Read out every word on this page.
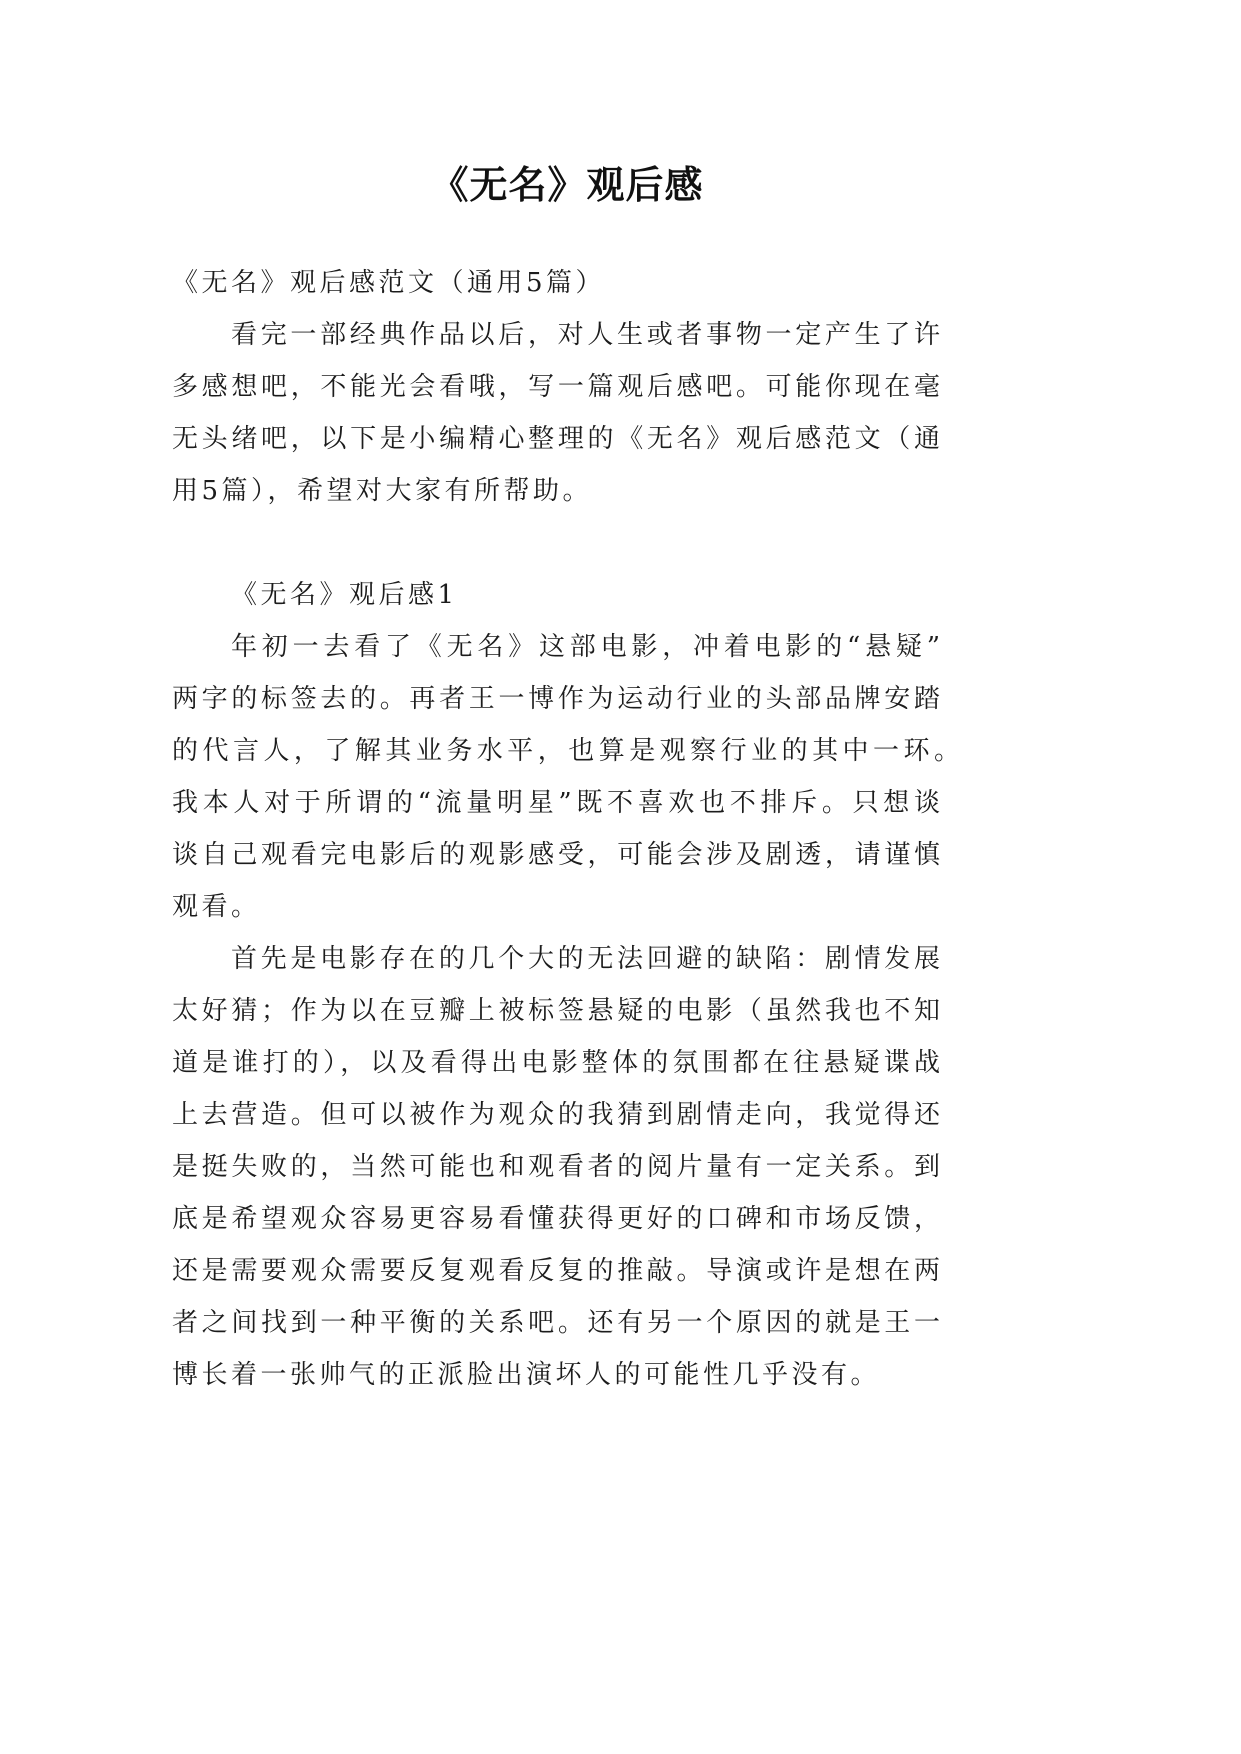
《无名》观后感
《无名》观后感范文（通用5篇）
看完一部经典作品以后，对人生或者事物一定产生了许
多感想吧，不能光会看哦，写一篇观后感吧。可能你现在毫
无头绪吧，以下是小编精心整理的《无名》观后感范文（通
用5篇），希望对大家有所帮助。
《无名》观后感1
年初一去看了《无名》这部电影，冲着电影的“悬疑”
两字的标签去的。再者王一博作为运动行业的头部品牌安踏
的代言人，了解其业务水平，也算是观察行业的其中一环。
我本人对于所谓的“流量明星”既不喜欢也不排斥。只想谈
谈自己观看完电影后的观影感受，可能会涉及剧透，请谨慎
观看。
首先是电影存在的几个大的无法回避的缺陷：剧情发展
太好猜；作为以在豆瓣上被标签悬疑的电影（虽然我也不知
道是谁打的），以及看得出电影整体的氛围都在往悬疑谍战
上去营造。但可以被作为观众的我猜到剧情走向，我觉得还
是挺失败的，当然可能也和观看者的阅片量有一定关系。到
底是希望观众容易更容易看懂获得更好的口碑和市场反馈，
还是需要观众需要反复观看反复的推敲。导演或许是想在两
者之间找到一种平衡的关系吧。还有另一个原因的就是王一
博长着一张帅气的正派脸出演坏人的可能性几乎没有。
